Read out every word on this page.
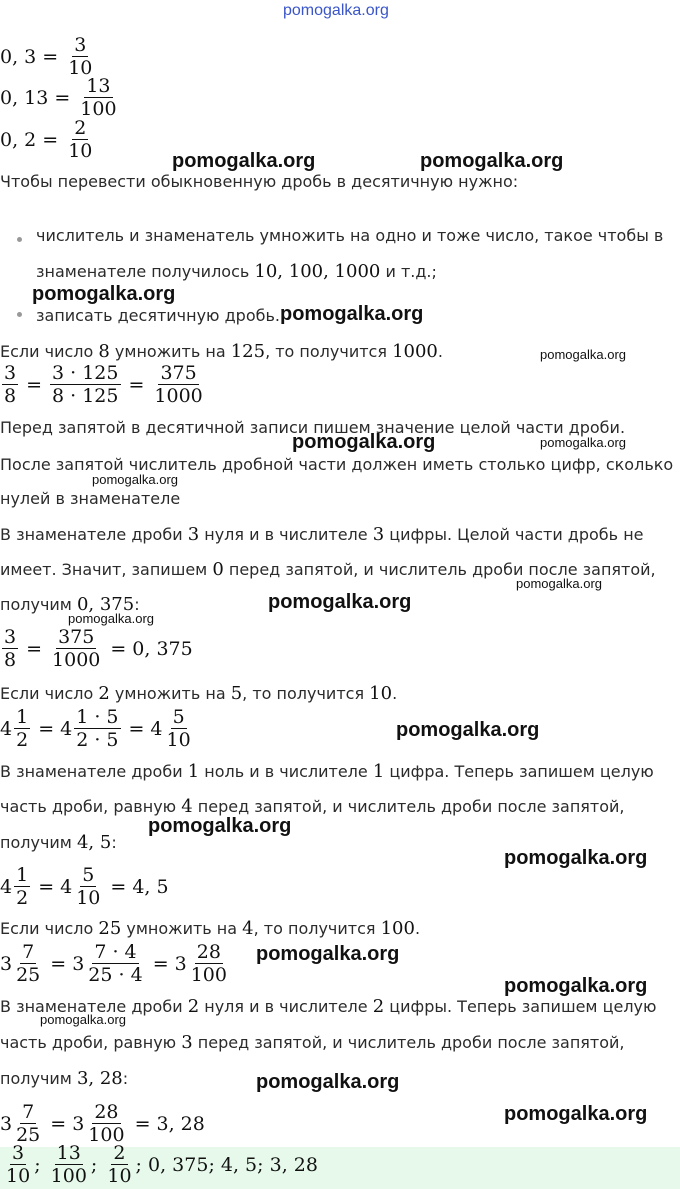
pomogalka.org
0, $3 = \frac{3}{10}$
0, $13 = \frac{13}{100}$
0, $2 = \frac{2}{10}$
Чтобы перевести обыкновенную дробь в десятичную нужно:
числитель и знаменатель умножить на одно и тоже число, такое чтобы в
знаменателе получилось 10, 100, 1000 и т.д.;
записать десятичную дробь.
Если число 8 умножить на 125, то получится 1000.
$\frac{3}{8} = \frac{3 \cdot 125}{8 \cdot 125} = \frac{375}{1000}$
Перед запятой в десятичной записи пишем значение целой части дроби.
После запятой числитель дробной части должен иметь столько цифр, сколько
нулей в знаменателе
В знаменателе дроби 3 нуля и в числителе 3 цифры. Целой части дробь не
имеет. Значит, запишем 0 перед запятой, и числитель дроби после запятой,
получим 0, 375:
$\frac{3}{8} = \frac{375}{1000} = 0$, 375
Если число 2 умножить на 5, то получится 10.
$4 \frac{1}{2} = 4 \frac{1 \cdot 5}{2 \cdot 5} = 4 \frac{5}{10}$
В знаменателе дроби 1 ноль и в числителе 1 цифра. Теперь запишем целую
часть дроби, равную 4 перед запятой, и числитель дроби после запятой,
получим 4, 5:
$4 \frac{1}{2} = 4 \frac{5}{10} = 4$, 5
Если число 25 умножить на 4, то получится 100.
$3 \frac{7}{25} = 3 \frac{7 \cdot 4}{25 \cdot 4} = 3 \frac{28}{100}$
В знаменателе дроби 2 нуля и в числителе 2 цифры. Теперь запишем целую
часть дроби, равную 3 перед запятой, и числитель дроби после запятой,
получим 3, 28:
$3 \frac{7}{25} = 3 \frac{28}{100} = 3$, 28
$\frac{3}{10}$ ;
$\frac{13}{100}$ ;
$\frac{2}{10}$ ;
0, 375 ;
4, 5 ;
3, 28
pomogalka.org	pomogalka.org
pomogalka.org
pomogalka.org
pomogalka.org
pomogalka.org	pomogalka.org
pomogalka.org
pomogalka.org
pomogalka.org
pomogalka.org
pomogalka.org
pomogalka.org
pomogalka.org
pomogalka.org
pomogalka.org
pomogalka.org
pomogalka.org
pomogalka.org
